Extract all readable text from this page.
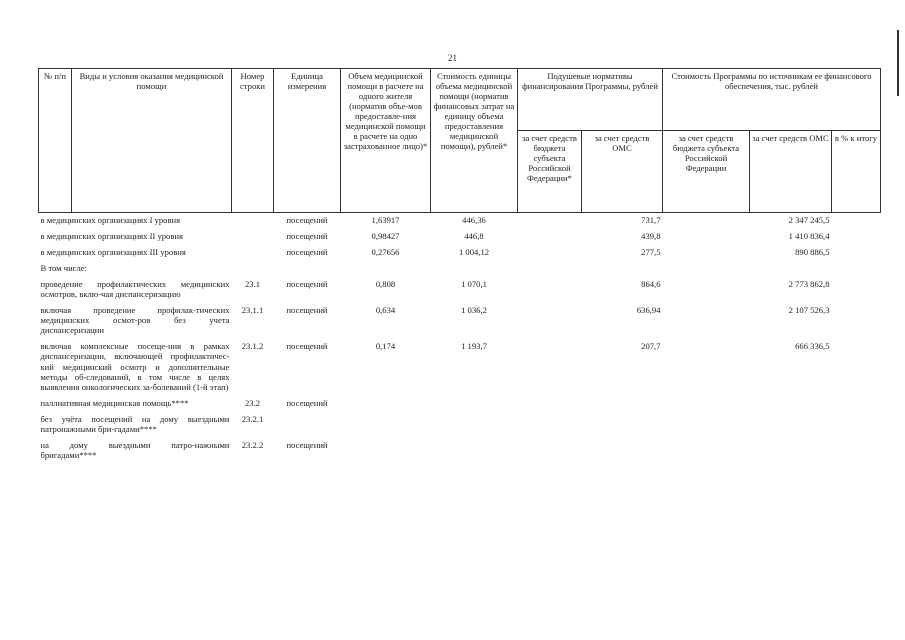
21
№ п/п	Виды и условия оказания медицинской помощи	Номер строки	Единица измерения	Объем медицинской помощи в расчете на одного жителя (норматив объе-мов предоставле-ния медицинской помощи в расчете на одно застрахованное лицо)*	Стоимость единицы объема медицинской помощи (норматив финансовых затрат на единицу объема предоставления медицинской помощи), рублей*	Подушевые нормативы финансирования Программы, рублей		Стоимость Программы по источникам ее финансового обеспечения, тыс. рублей		
						за счет средств бюджета субъекта Российской Федерации*	за счет средств ОМС	за счет средств бюджета субъекта Российской Федерации	за счет средств ОМС	в % к итогу
в медицинских организациях I уровня			посещений	1,63917	446,36		731,7		2 347 245,5	
в медицинских организациях II уровня			посещений	0,98427	446,8		439,8		1 410 836,4	
в медицинских организациях III уровня			посещений	0,27656	1 004,12		277,5		890 886,5	
В том числе:										
проведение профилактических медицинских осмотров, вклю-чая диспансеризацию		23.1	посещений	0,808	1 070,1		864,6		2 773 862,8	
включая проведение профилак-тических медицинских осмот-ров без учета диспансеризации		23.1.1	посещений	0,634	1 036,2		636,94		2 107 526,3	
включая комплексные посеще-ния в рамках диспансеризации, включающей профилактичес-кий медицинский осмотр и дополнительные методы об-следований, в том числе в целях выявления онкологических за-болеваний (1-й этап)		23.1.2	посещений	0,174	1 193,7		207,7		666 336,5	
паллиативная медицинская помощь****		23.2	посещений							
без учёта посещений на дому выездными патронажными бри-гадами****		23.2.1								
на дому выездными патро-нажными бригадами****		23.2.2	посещений							
